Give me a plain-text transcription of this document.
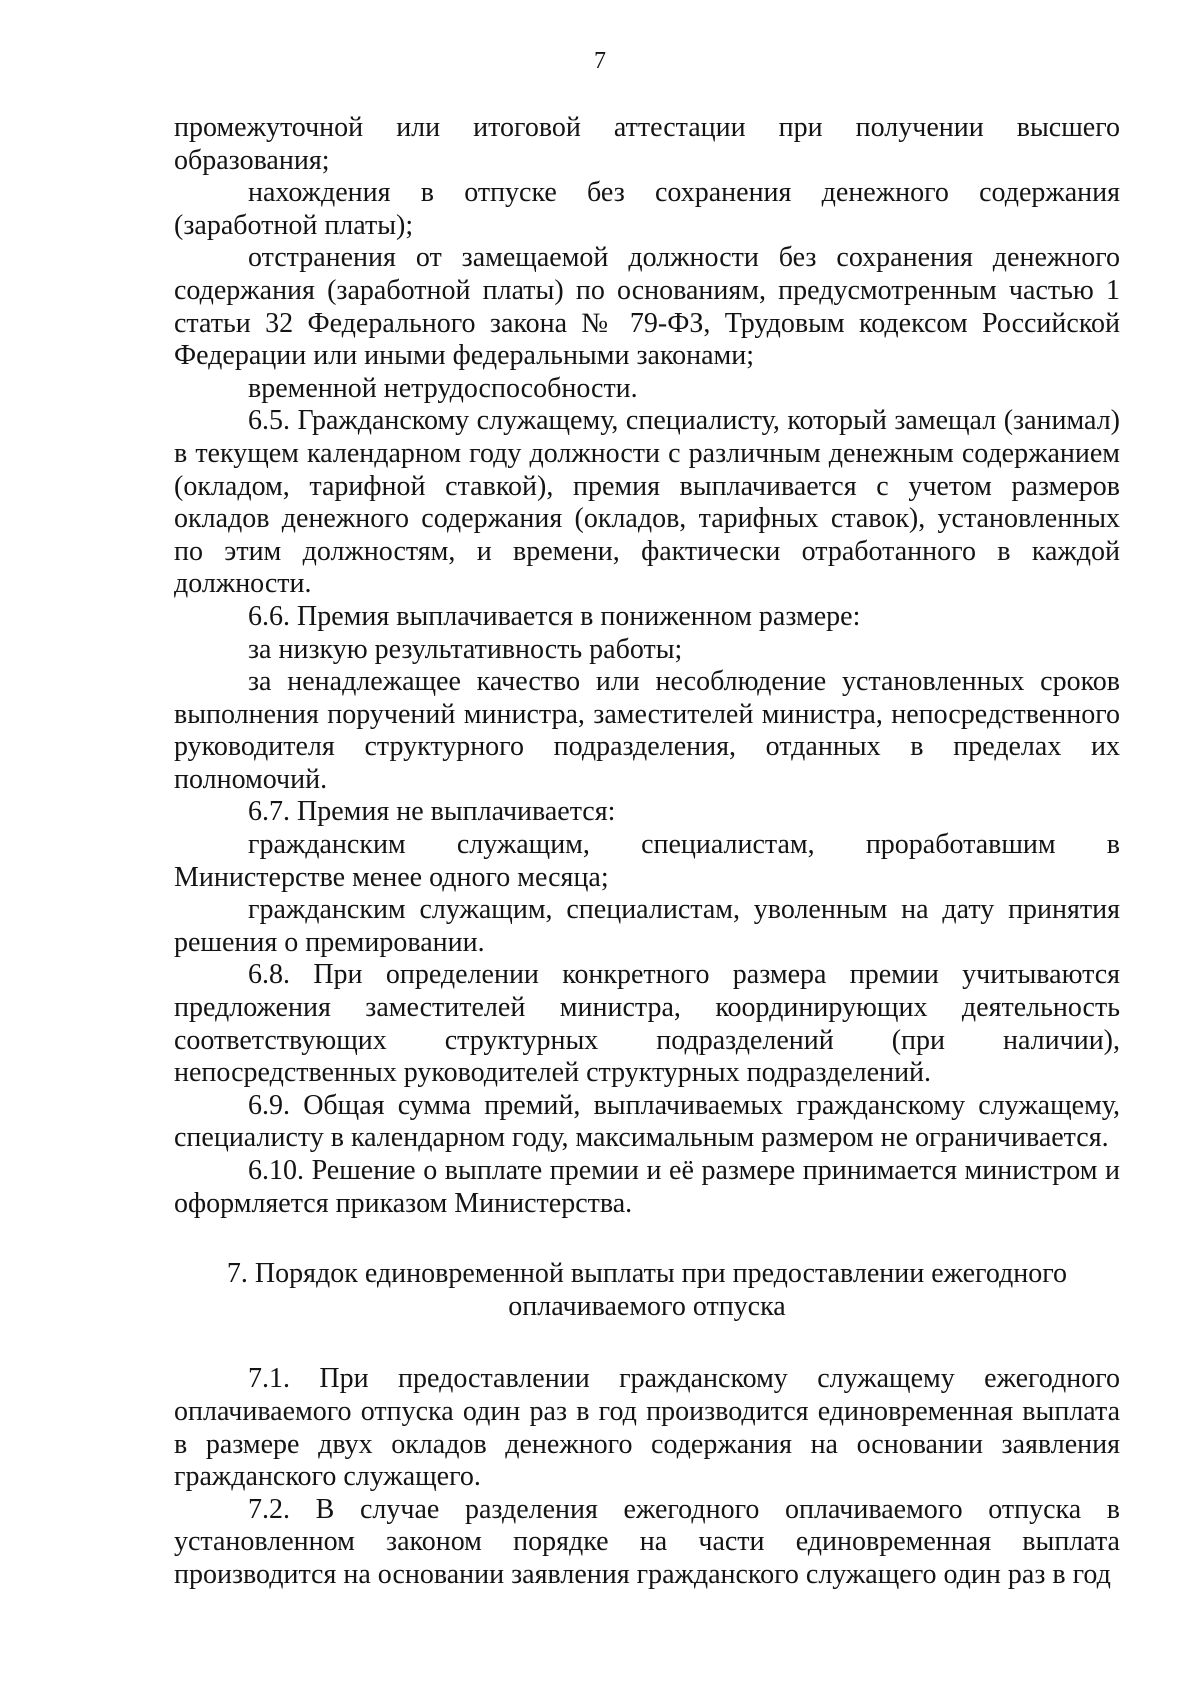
7

промежуточной или итоговой аттестации при получении высшего образования;

нахождения в отпуске без сохранения денежного содержания (заработной платы);

отстранения от замещаемой должности без сохранения денежного содержания (заработной платы) по основаниям, предусмотренным частью 1 статьи 32 Федерального закона № 79-ФЗ, Трудовым кодексом Российской Федерации или иными федеральными законами;

временной нетрудоспособности.

6.5. Гражданскому служащему, специалисту, который замещал (занимал) в текущем календарном году должности с различным денежным содержанием (окладом, тарифной ставкой), премия выплачивается с учетом размеров окладов денежного содержания (окладов, тарифных ставок), установленных по этим должностям, и времени, фактически отработанного в каждой должности.

6.6. Премия выплачивается в пониженном размере:

за низкую результативность работы;

за ненадлежащее качество или несоблюдение установленных сроков выполнения поручений министра, заместителей министра, непосредственного руководителя структурного подразделения, отданных в пределах их полномочий.

6.7. Премия не выплачивается:

гражданским служащим, специалистам, проработавшим в Министерстве менее одного месяца;

гражданским служащим, специалистам, уволенным на дату принятия решения о премировании.

6.8. При определении конкретного размера премии учитываются предложения заместителей министра, координирующих деятельность соответствующих структурных подразделений (при наличии), непосредственных руководителей структурных подразделений.

6.9. Общая сумма премий, выплачиваемых гражданскому служащему, специалисту в календарном году, максимальным размером не ограничивается.

6.10. Решение о выплате премии и её размере принимается министром и оформляется приказом Министерства.

7. Порядок единовременной выплаты при предоставлении ежегодного
оплачиваемого отпуска

7.1. При предоставлении гражданскому служащему ежегодного оплачиваемого отпуска один раз в год производится единовременная выплата в размере двух окладов денежного содержания на основании заявления гражданского служащего.

7.2. В случае разделения ежегодного оплачиваемого отпуска в установленном законом порядке на части единовременная выплата производится на основании заявления гражданского служащего один раз в год
